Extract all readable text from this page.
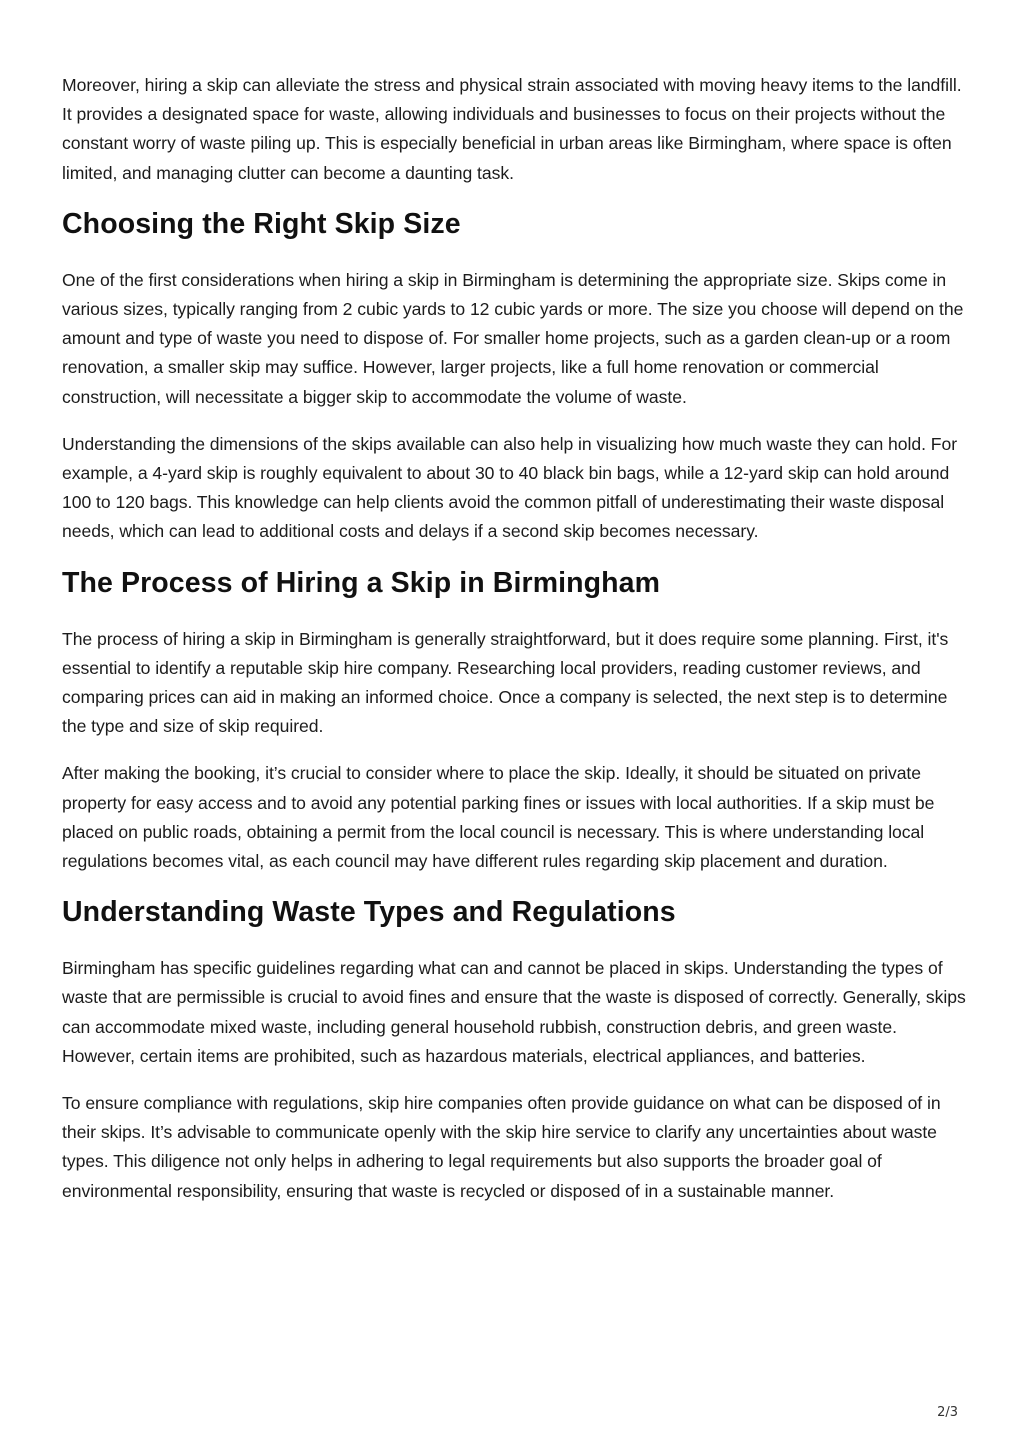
Moreover, hiring a skip can alleviate the stress and physical strain associated with moving heavy items to the landfill. It provides a designated space for waste, allowing individuals and businesses to focus on their projects without the constant worry of waste piling up. This is especially beneficial in urban areas like Birmingham, where space is often limited, and managing clutter can become a daunting task.

Choosing the Right Skip Size

One of the first considerations when hiring a skip in Birmingham is determining the appropriate size. Skips come in various sizes, typically ranging from 2 cubic yards to 12 cubic yards or more. The size you choose will depend on the amount and type of waste you need to dispose of. For smaller home projects, such as a garden clean-up or a room renovation, a smaller skip may suffice. However, larger projects, like a full home renovation or commercial construction, will necessitate a bigger skip to accommodate the volume of waste.

Understanding the dimensions of the skips available can also help in visualizing how much waste they can hold. For example, a 4-yard skip is roughly equivalent to about 30 to 40 black bin bags, while a 12-yard skip can hold around 100 to 120 bags. This knowledge can help clients avoid the common pitfall of underestimating their waste disposal needs, which can lead to additional costs and delays if a second skip becomes necessary.

The Process of Hiring a Skip in Birmingham

The process of hiring a skip in Birmingham is generally straightforward, but it does require some planning. First, it's essential to identify a reputable skip hire company. Researching local providers, reading customer reviews, and comparing prices can aid in making an informed choice. Once a company is selected, the next step is to determine the type and size of skip required.

After making the booking, it’s crucial to consider where to place the skip. Ideally, it should be situated on private property for easy access and to avoid any potential parking fines or issues with local authorities. If a skip must be placed on public roads, obtaining a permit from the local council is necessary. This is where understanding local regulations becomes vital, as each council may have different rules regarding skip placement and duration.

Understanding Waste Types and Regulations

Birmingham has specific guidelines regarding what can and cannot be placed in skips. Understanding the types of waste that are permissible is crucial to avoid fines and ensure that the waste is disposed of correctly. Generally, skips can accommodate mixed waste, including general household rubbish, construction debris, and green waste. However, certain items are prohibited, such as hazardous materials, electrical appliances, and batteries.

To ensure compliance with regulations, skip hire companies often provide guidance on what can be disposed of in their skips. It’s advisable to communicate openly with the skip hire service to clarify any uncertainties about waste types. This diligence not only helps in adhering to legal requirements but also supports the broader goal of environmental responsibility, ensuring that waste is recycled or disposed of in a sustainable manner.

2/3
